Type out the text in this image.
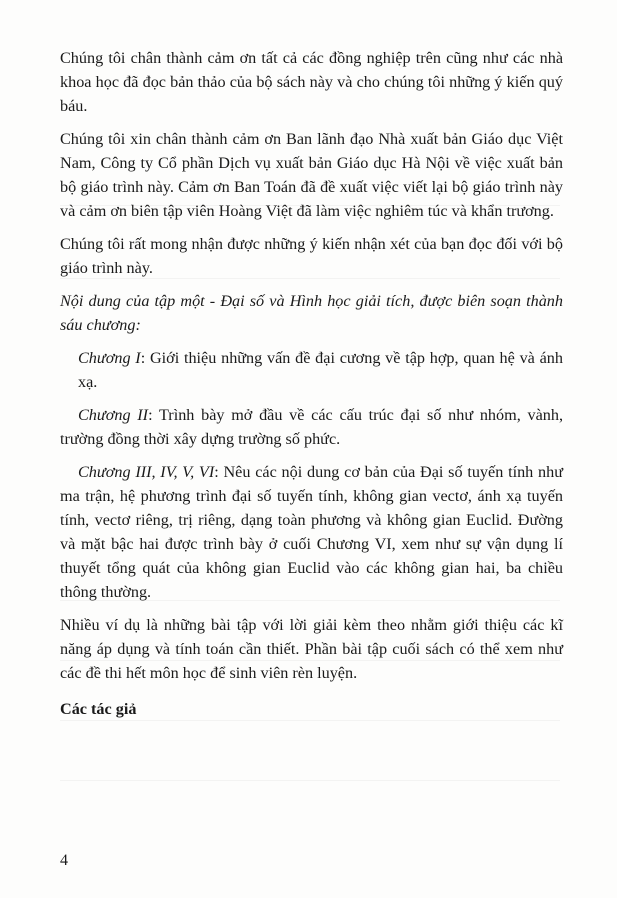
Chúng tôi chân thành cảm ơn tất cả các đồng nghiệp trên cũng như các nhà khoa học đã đọc bản thảo của bộ sách này và cho chúng tôi những ý kiến quý báu.

Chúng tôi xin chân thành cảm ơn Ban lãnh đạo Nhà xuất bản Giáo dục Việt Nam, Công ty Cổ phần Dịch vụ xuất bản Giáo dục Hà Nội về việc xuất bản bộ giáo trình này. Cảm ơn Ban Toán đã đề xuất việc viết lại bộ giáo trình này và cảm ơn biên tập viên Hoàng Việt đã làm việc nghiêm túc và khẩn trương.

Chúng tôi rất mong nhận được những ý kiến nhận xét của bạn đọc đối với bộ giáo trình này.

Nội dung của tập một - Đại số và Hình học giải tích, được biên soạn thành sáu chương:

Chương I: Giới thiệu những vấn đề đại cương về tập hợp, quan hệ và ánh xạ.

Chương II: Trình bày mở đầu về các cấu trúc đại số như nhóm, vành, trường đồng thời xây dựng trường số phức.

Chương III, IV, V, VI: Nêu các nội dung cơ bản của Đại số tuyến tính như ma trận, hệ phương trình đại số tuyến tính, không gian vectơ, ánh xạ tuyến tính, vectơ riêng, trị riêng, dạng toàn phương và không gian Euclid. Đường và mặt bậc hai được trình bày ở cuối Chương VI, xem như sự vận dụng lí thuyết tổng quát của không gian Euclid vào các không gian hai, ba chiều thông thường.

Nhiều ví dụ là những bài tập với lời giải kèm theo nhằm giới thiệu các kĩ năng áp dụng và tính toán cần thiết. Phần bài tập cuối sách có thể xem như các đề thi hết môn học để sinh viên rèn luyện.

Các tác giả

4
